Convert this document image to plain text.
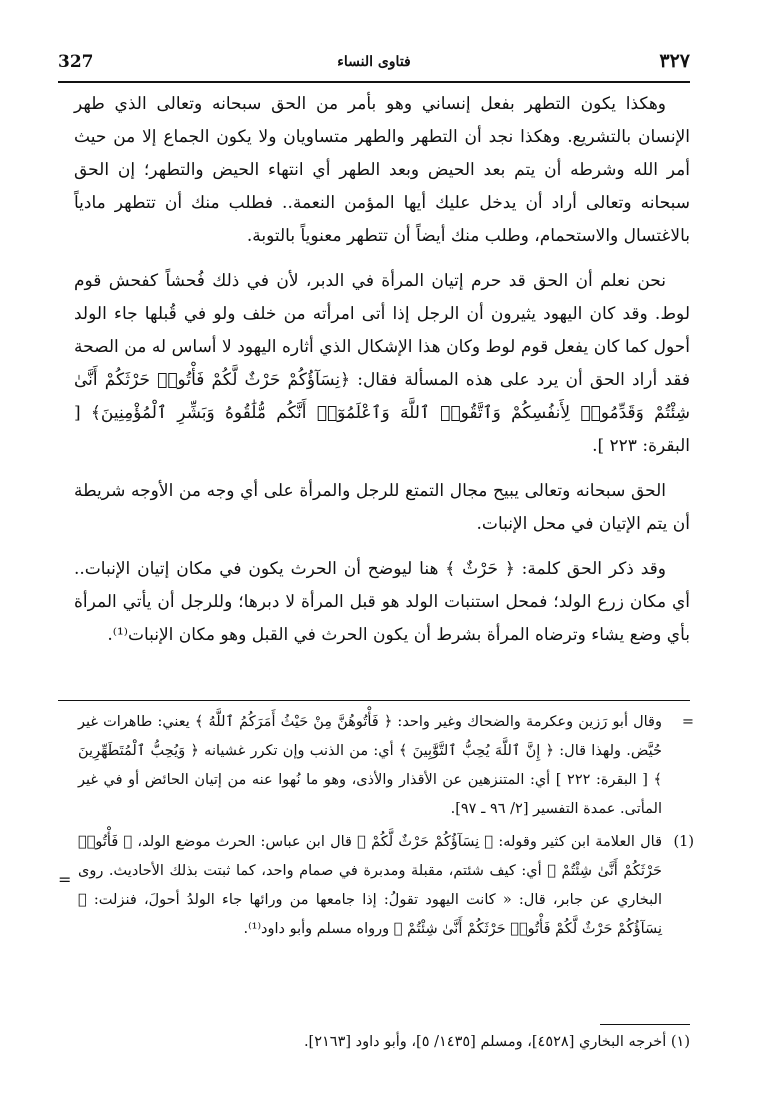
327	فتاوى النساء	٣٢٧

وهكذا يكون التطهر بفعل إنساني وهو بأمر من الحق سبحانه وتعالى الذي طهر الإنسان بالتشريع. وهكذا نجد أن التطهر والطهر متساويان ولا يكون الجماع إلا من حيث أمر الله وشرطه أن يتم بعد الحيض وبعد الطهر أي انتهاء الحيض والتطهر؛ إن الحق سبحانه وتعالى أراد أن يدخل عليك أيها المؤمن النعمة.. فطلب منك أن تتطهر مادياً بالاغتسال والاستحمام، وطلب منك أيضاً أن تتطهر معنوياً بالتوبة.

نحن نعلم أن الحق قد حرم إتيان المرأة في الدبر، لأن في ذلك فُحشاً كفحش قوم لوط. وقد كان اليهود يثيرون أن الرجل إذا أتى امرأته من خلف ولو في قُبلها جاء الولد أحول كما كان يفعل قوم لوط وكان هذا الإشكال الذي أثاره اليهود لا أساس له من الصحة فقد أراد الحق أن يرد على هذه المسألة فقال: ﴿نِسَآؤُكُمْ حَرْثٌ لَّكُمْ فَأْتُوا۟ حَرْثَكُمْ أَنَّىٰ شِئْتُمْ وَقَدِّمُوا۟ لِأَنفُسِكُمْ وَٱتَّقُوا۟ ٱللَّهَ وَٱعْلَمُوٓا۟ أَنَّكُم مُّلَٰقُوهُ وَبَشِّرِ ٱلْمُؤْمِنِينَ﴾ [ البقرة: ٢٢٣ ].

الحق سبحانه وتعالى يبيح مجال التمتع للرجل والمرأة على أي وجه من الأوجه شريطة أن يتم الإتيان في محل الإنبات.

وقد ذكر الحق كلمة: ﴿ حَرْثٌ ﴾ هنا ليوضح أن الحرث يكون في مكان إتيان الإنبات.. أي مكان زرع الولد؛ فمحل استنبات الولد هو قبل المرأة لا دبرها؛ وللرجل أن يأتي المرأة بأي وضع يشاء وترضاه المرأة بشرط أن يكون الحرث في القبل وهو مكان الإنبات⁽¹⁾.

=
وقال أبو رَزين وعكرمة والضحاك وغير واحد: ﴿ فَأْتُوهُنَّ مِنْ حَيْثُ أَمَرَكُمُ ٱللَّهُ ﴾ يعني: طاهرات غير حُيَّض. ولهذا قال: ﴿ إِنَّ ٱللَّهَ يُحِبُّ ٱلتَّوَّٰبِينَ ﴾ أي: من الذنب وإن تكرر غشيانه ﴿ وَيُحِبُّ ٱلْمُتَطَهِّرِينَ ﴾ [ البقرة: ٢٢٢ ] أي: المتنزهين عن الأقذار والأذى، وهو ما نُهوا عنه من إتيان الحائض أو في غير المأتى. عمدة التفسير [٢/ ٩٦ ـ ٩٧].
(1)
قال العلامة ابن كثير وقوله: ﴿ نِسَآؤُكُمْ حَرْثٌ لَّكُمْ ﴾ قال ابن عباس: الحرث موضع الولد، ﴿ فَأْتُوا۟ حَرْثَكُمْ أَنَّىٰ شِئْتُمْ ﴾ أي: كيف شئتم، مقبلة ومدبرة في صمام واحد، كما ثبتت بذلك الأحاديث. روى البخاري عن جابر، قال: « كانت اليهود تقولُ: إذا جامعها من ورائها جاء الولدُ أحولَ، فنزلت: ﴿ نِسَآؤُكُمْ حَرْثٌ لَّكُمْ فَأْتُوا۟ حَرْثَكُمْ أَنَّىٰ شِئْتُمْ ﴾ ورواه مسلم وأبو داود⁽¹⁾.
=
(١) أخرجه البخاري [٤٥٢٨]، ومسلم [١٤٣٥/ ٥]، وأبو داود [٢١٦٣].
